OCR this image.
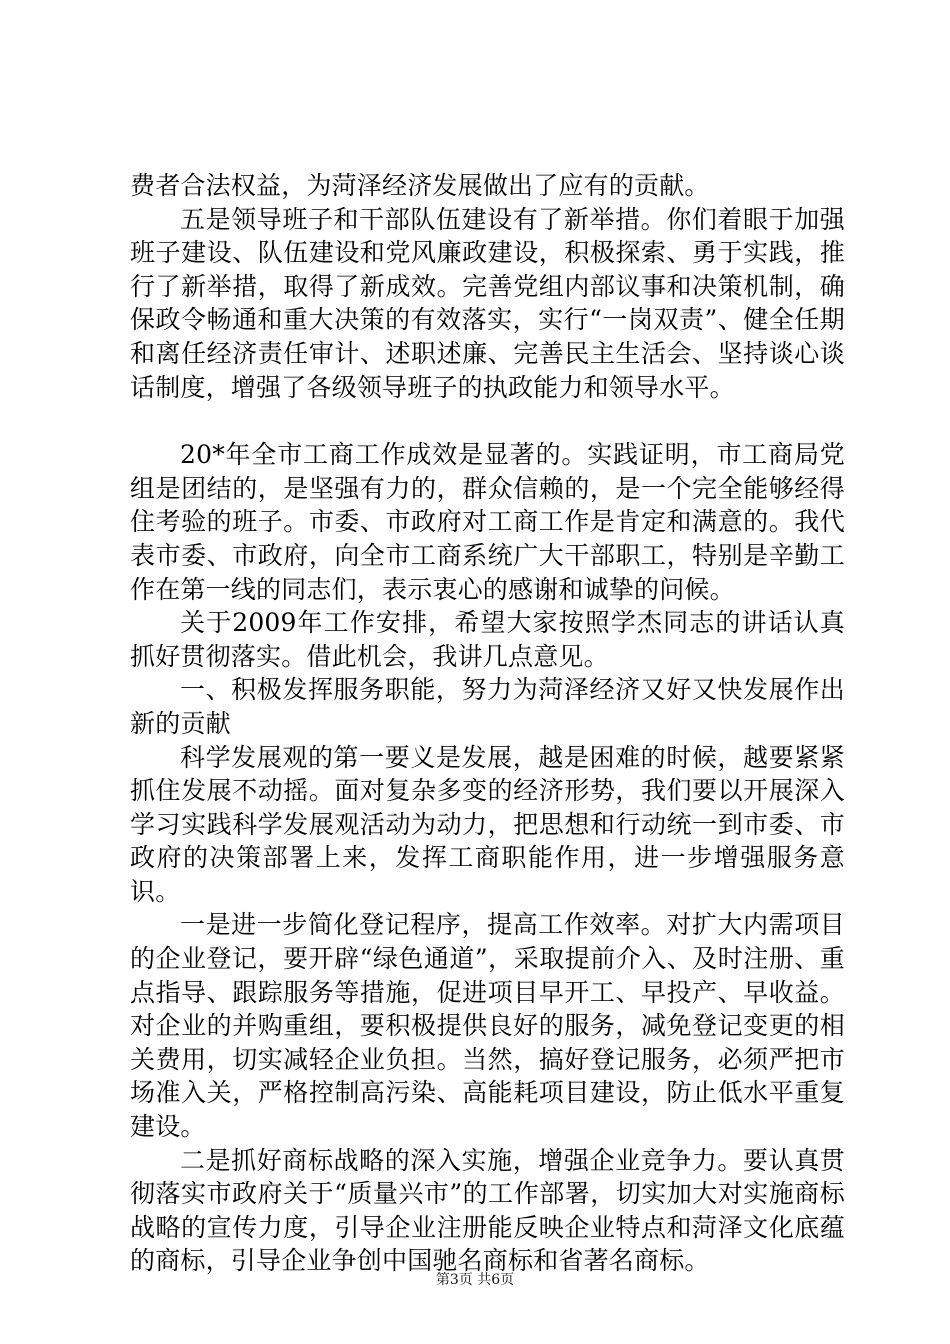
费者合法权益，为菏泽经济发展做出了应有的贡献。

五是领导班子和干部队伍建设有了新举措。你们着眼于加强班子建设、队伍建设和党风廉政建设，积极探索、勇于实践，推行了新举措，取得了新成效。完善党组内部议事和决策机制，确保政令畅通和重大决策的有效落实，实行“一岗双责”、健全任期和离任经济责任审计、述职述廉、完善民主生活会、坚持谈心谈话制度，增强了各级领导班子的执政能力和领导水平。

20*年全市工商工作成效是显著的。实践证明，市工商局党组是团结的，是坚强有力的，群众信赖的，是一个完全能够经得住考验的班子。市委、市政府对工商工作是肯定和满意的。我代表市委、市政府，向全市工商系统广大干部职工，特别是辛勤工作在第一线的同志们，表示衷心的感谢和诚挚的问候。

关于2009年工作安排，希望大家按照学杰同志的讲话认真抓好贯彻落实。借此机会，我讲几点意见。

一、积极发挥服务职能，努力为菏泽经济又好又快发展作出新的贡献

科学发展观的第一要义是发展，越是困难的时候，越要紧紧抓住发展不动摇。面对复杂多变的经济形势，我们要以开展深入学习实践科学发展观活动为动力，把思想和行动统一到市委、市政府的决策部署上来，发挥工商职能作用，进一步增强服务意识。

一是进一步简化登记程序，提高工作效率。对扩大内需项目的企业登记，要开辟“绿色通道”，采取提前介入、及时注册、重点指导、跟踪服务等措施，促进项目早开工、早投产、早收益。对企业的并购重组，要积极提供良好的服务，减免登记变更的相关费用，切实减轻企业负担。当然，搞好登记服务，必须严把市场准入关，严格控制高污染、高能耗项目建设，防止低水平重复建设。

二是抓好商标战略的深入实施，增强企业竞争力。要认真贯彻落实市政府关于“质量兴市”的工作部署，切实加大对实施商标战略的宣传力度，引导企业注册能反映企业特点和菏泽文化底蕴的商标，引导企业争创中国驰名商标和省著名商标。

第3页 共6页
